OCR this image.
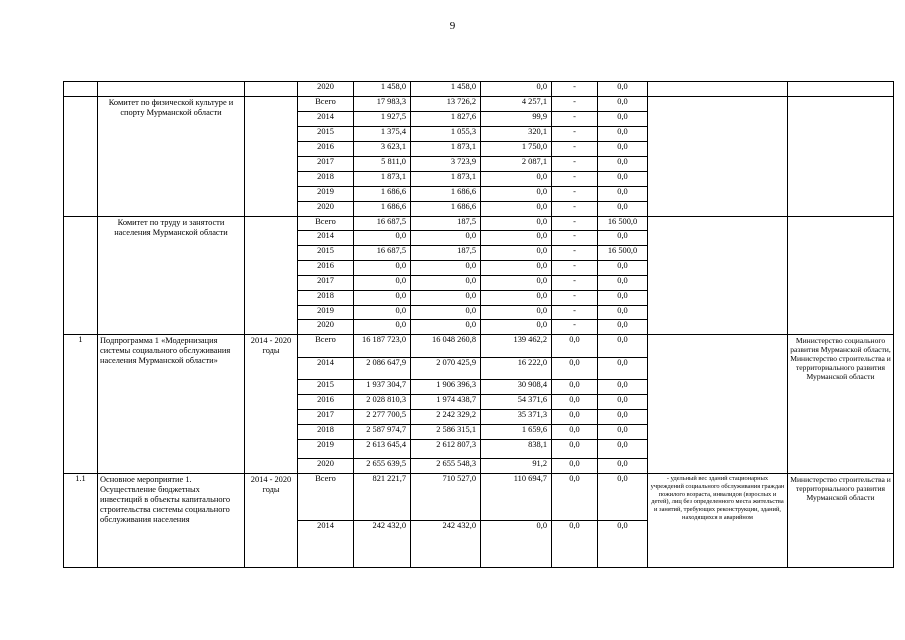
9
			2020	1 458,0	1 458,0	0,0	-	0,0		
	Комитет по физической культуре и спорту Мурманской области		Всего	17 983,3	13 726,2	4 257,1	-	0,0		
			2014	1 927,5	1 827,6	99,9	-	0,0		
			2015	1 375,4	1 055,3	320,1	-	0,0		
			2016	3 623,1	1 873,1	1 750,0	-	0,0		
			2017	5 811,0	3 723,9	2 087,1	-	0,0		
			2018	1 873,1	1 873,1	0,0	-	0,0		
			2019	1 686,6	1 686,6	0,0	-	0,0		
			2020	1 686,6	1 686,6	0,0	-	0,0		
	Комитет по труду и занятости населения Мурманской области		Всего	16 687,5	187,5	0,0	-	16 500,0		
			2014	0,0	0,0	0,0	-	0,0		
			2015	16 687,5	187,5	0,0	-	16 500,0		
			2016	0,0	0,0	0,0	-	0,0		
			2017	0,0	0,0	0,0	-	0,0		
			2018	0,0	0,0	0,0	-	0,0		
			2019	0,0	0,0	0,0	-	0,0		
			2020	0,0	0,0	0,0	-	0,0		
1	Подпрограмма 1 «Модернизация системы социального обслуживания населения Мурманской области»	2014 - 2020 годы	Всего	16 187 723,0	16 048 260,8	139 462,2	0,0	0,0		Министерство социального развития Мурманской области, Министерство строительства и территориального развития Мурманской области
			2014	2 086 647,9	2 070 425,9	16 222,0	0,0	0,0		
			2015	1 937 304,7	1 906 396,3	30 908,4	0,0	0,0		
			2016	2 028 810,3	1 974 438,7	54 371,6	0,0	0,0		
			2017	2 277 700,5	2 242 329,2	35 371,3	0,0	0,0		
			2018	2 587 974,7	2 586 315,1	1 659,6	0,0	0,0		
			2019	2 613 645,4	2 612 807,3	838,1	0,0	0,0		
			2020	2 655 639,5	2 655 548,3	91,2	0,0	0,0		
1.1	Основное мероприятие 1. Осуществление бюджетных инвестиций в объекты капитального строительства системы социального обслуживания населения	2014 - 2020 годы	Всего	821 221,7	710 527,0	110 694,7	0,0	0,0	- удельный вес зданий стационарных учреждений социального обслуживания граждан пожилого возраста, инвалидов (взрослых и детей), лиц без определенного места жительства и занятий, требующих реконструкции, зданий, находящихся в аварийном	Министерство строительства и территориального развития Мурманской области
			2014	242 432,0	242 432,0	0,0	0,0	0,0		
